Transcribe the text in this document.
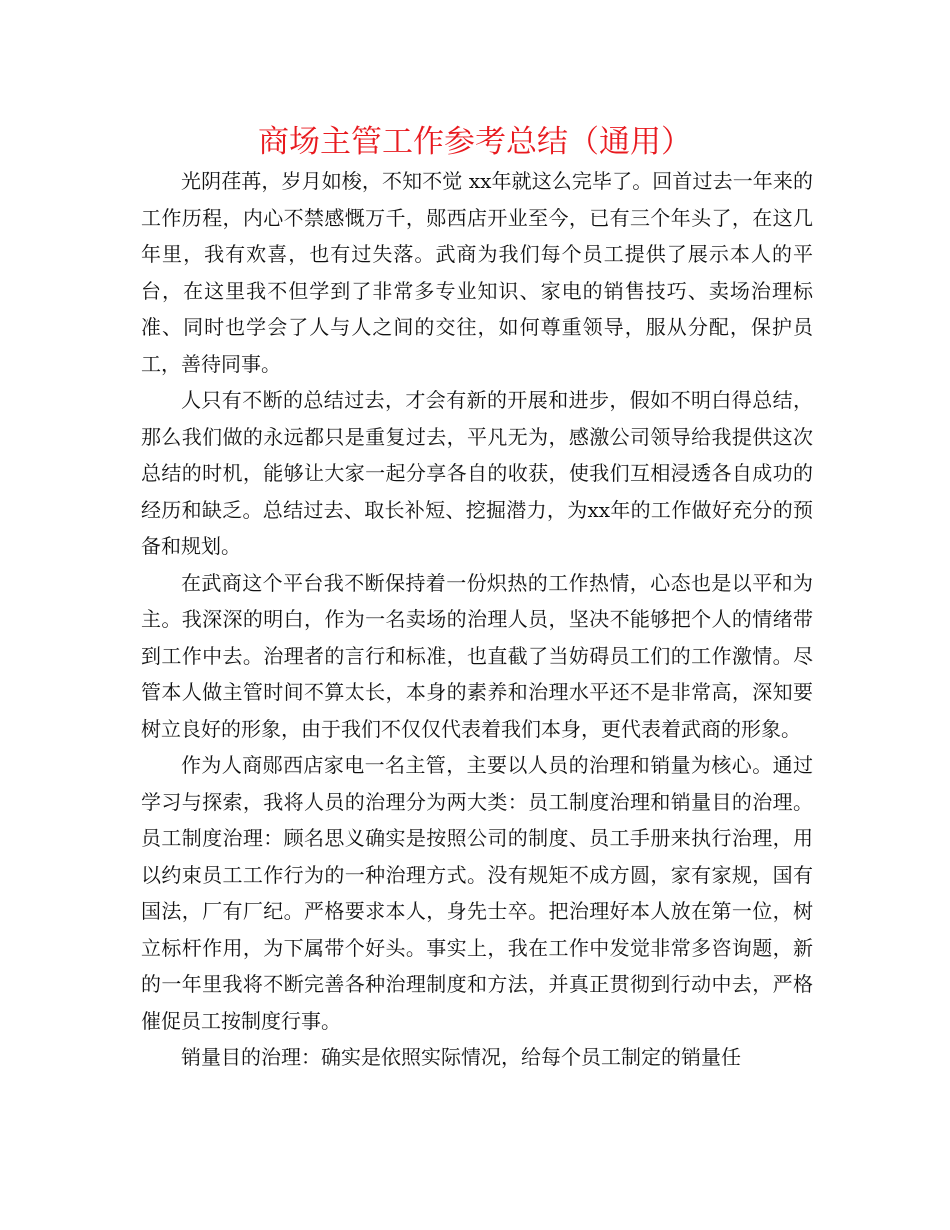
商场主管工作参考总结（通用）

光阴荏苒，岁月如梭，不知不觉 xx年就这么完毕了。回首过去一年来的工作历程，内心不禁感慨万千，郧西店开业至今，已有三个年头了，在这几年里，我有欢喜，也有过失落。武商为我们每个员工提供了展示本人的平台，在这里我不但学到了非常多专业知识、家电的销售技巧、卖场治理标准、同时也学会了人与人之间的交往，如何尊重领导，服从分配，保护员工，善待同事。

人只有不断的总结过去，才会有新的开展和进步，假如不明白得总结，那么我们做的永远都只是重复过去，平凡无为，感激公司领导给我提供这次总结的时机，能够让大家一起分享各自的收获，使我们互相浸透各自成功的经历和缺乏。总结过去、取长补短、挖掘潜力，为xx年的工作做好充分的预备和规划。

在武商这个平台我不断保持着一份炽热的工作热情，心态也是以平和为主。我深深的明白，作为一名卖场的治理人员，坚决不能够把个人的情绪带到工作中去。治理者的言行和标准，也直截了当妨碍员工们的工作激情。尽管本人做主管时间不算太长，本身的素养和治理水平还不是非常高，深知要树立良好的形象，由于我们不仅仅代表着我们本身，更代表着武商的形象。

作为人商郧西店家电一名主管，主要以人员的治理和销量为核心。通过学习与探索，我将人员的治理分为两大类：员工制度治理和销量目的治理。 员工制度治理：顾名思义确实是按照公司的制度、员工手册来执行治理，用以约束员工工作行为的一种治理方式。没有规矩不成方圆，家有家规，国有国法，厂有厂纪。严格要求本人，身先士卒。把治理好本人放在第一位，树立标杆作用，为下属带个好头。事实上，我在工作中发觉非常多咨询题，新的一年里我将不断完善各种治理制度和方法，并真正贯彻到行动中去，严格催促员工按制度行事。

销量目的治理：确实是依照实际情况，给每个员工制定的销量任
